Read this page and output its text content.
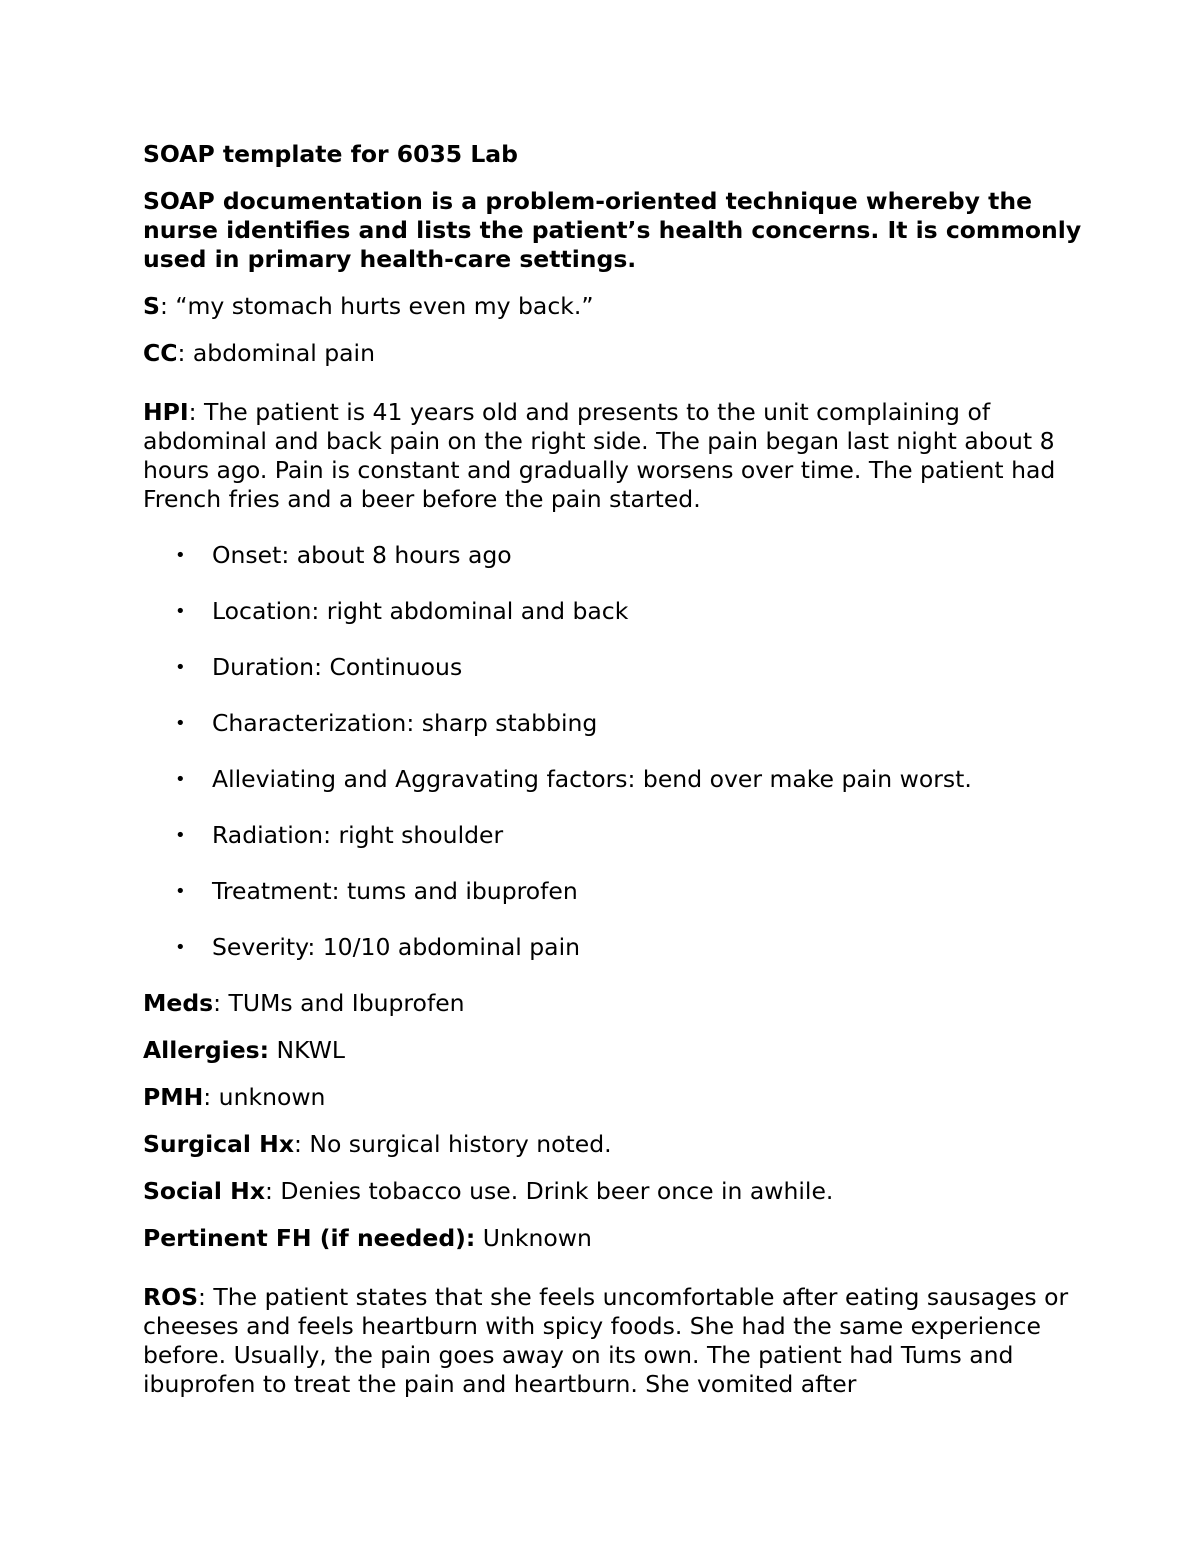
SOAP template for 6035 Lab

SOAP documentation is a problem-oriented technique whereby the nurse identifies and lists the patient’s health concerns. It is commonly used in primary health-care settings.

S: “my stomach hurts even my back.”

CC: abdominal pain

HPI: The patient is 41 years old and presents to the unit complaining of abdominal and back pain on the right side. The pain began last night about 8 hours ago. Pain is constant and gradually worsens over time. The patient had French fries and a beer before the pain started.

• Onset: about 8 hours ago
• Location: right abdominal and back
• Duration: Continuous
• Characterization: sharp stabbing
• Alleviating and Aggravating factors: bend over make pain worst.
• Radiation: right shoulder
• Treatment: tums and ibuprofen
• Severity: 10/10 abdominal pain

Meds: TUMs and Ibuprofen

Allergies: NKWL

PMH: unknown

Surgical Hx: No surgical history noted.

Social Hx: Denies tobacco use. Drink beer once in awhile.

Pertinent FH (if needed): Unknown

ROS: The patient states that she feels uncomfortable after eating sausages or cheeses and feels heartburn with spicy foods. She had the same experience before. Usually, the pain goes away on its own. The patient had Tums and ibuprofen to treat the pain and heartburn. She vomited after
